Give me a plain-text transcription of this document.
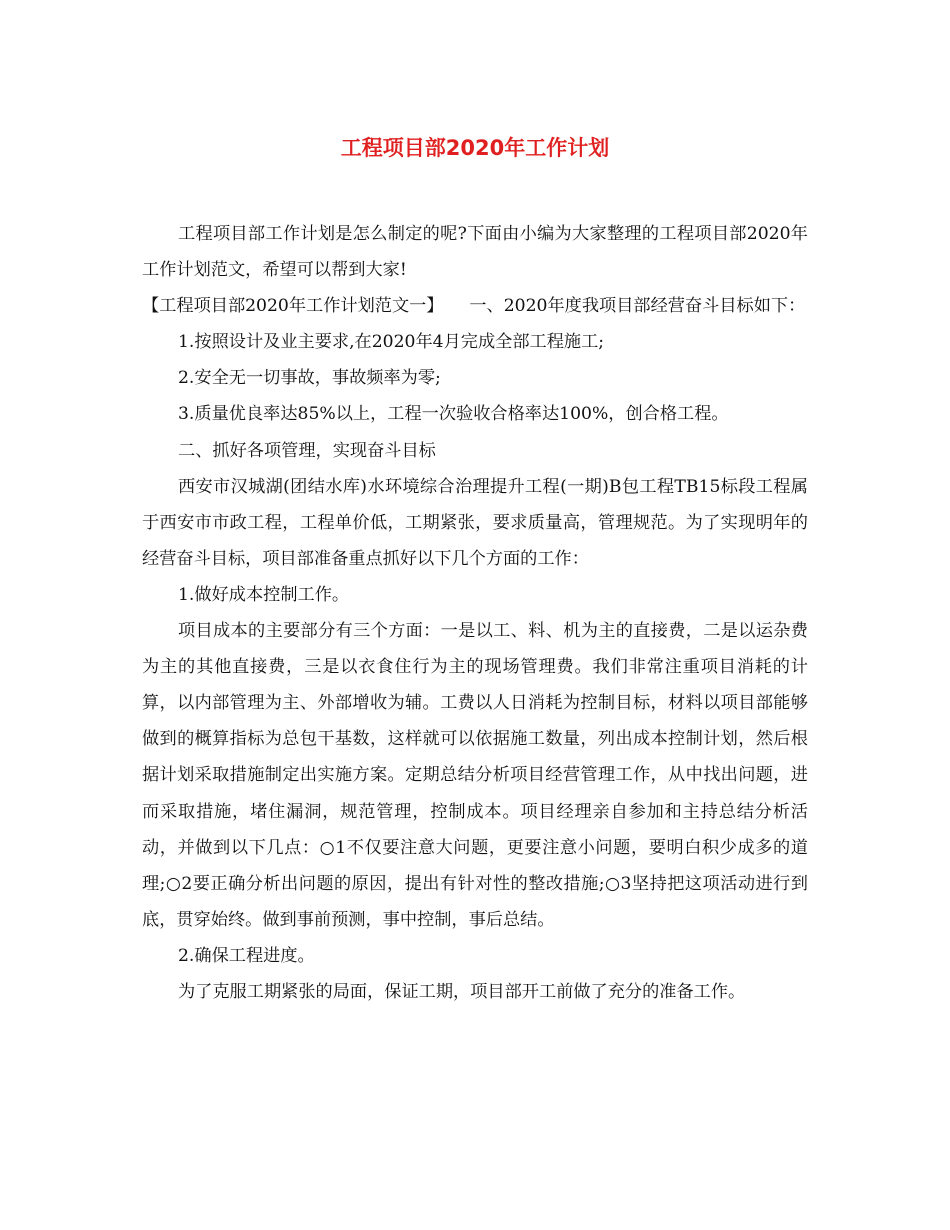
工程项目部2020年工作计划

工程项目部工作计划是怎么制定的呢?下面由小编为大家整理的工程项目部2020年工作计划范文，希望可以帮到大家!

【工程项目部2020年工作计划范文一】　　一、2020年度我项目部经营奋斗目标如下：

1.按照设计及业主要求,在2020年4月完成全部工程施工;

2.安全无一切事故，事故频率为零;

3.质量优良率达85%以上，工程一次验收合格率达100%，创合格工程。

二、抓好各项管理，实现奋斗目标

西安市汉城湖(团结水库)水环境综合治理提升工程(一期)B包工程TB15标段工程属于西安市市政工程，工程单价低，工期紧张，要求质量高，管理规范。为了实现明年的经营奋斗目标，项目部准备重点抓好以下几个方面的工作：

1.做好成本控制工作。

项目成本的主要部分有三个方面：一是以工、料、机为主的直接费，二是以运杂费为主的其他直接费，三是以衣食住行为主的现场管理费。我们非常注重项目消耗的计算，以内部管理为主、外部增收为辅。工费以人日消耗为控制目标，材料以项目部能够做到的概算指标为总包干基数，这样就可以依据施工数量，列出成本控制计划，然后根据计划采取措施制定出实施方案。定期总结分析项目经营管理工作，从中找出问题，进而采取措施，堵住漏洞，规范管理，控制成本。项目经理亲自参加和主持总结分析活动，并做到以下几点：○1不仅要注意大问题，更要注意小问题，要明白积少成多的道理;○2要正确分析出问题的原因，提出有针对性的整改措施;○3坚持把这项活动进行到底，贯穿始终。做到事前预测，事中控制，事后总结。

2.确保工程进度。

为了克服工期紧张的局面，保证工期，项目部开工前做了充分的准备工作。
